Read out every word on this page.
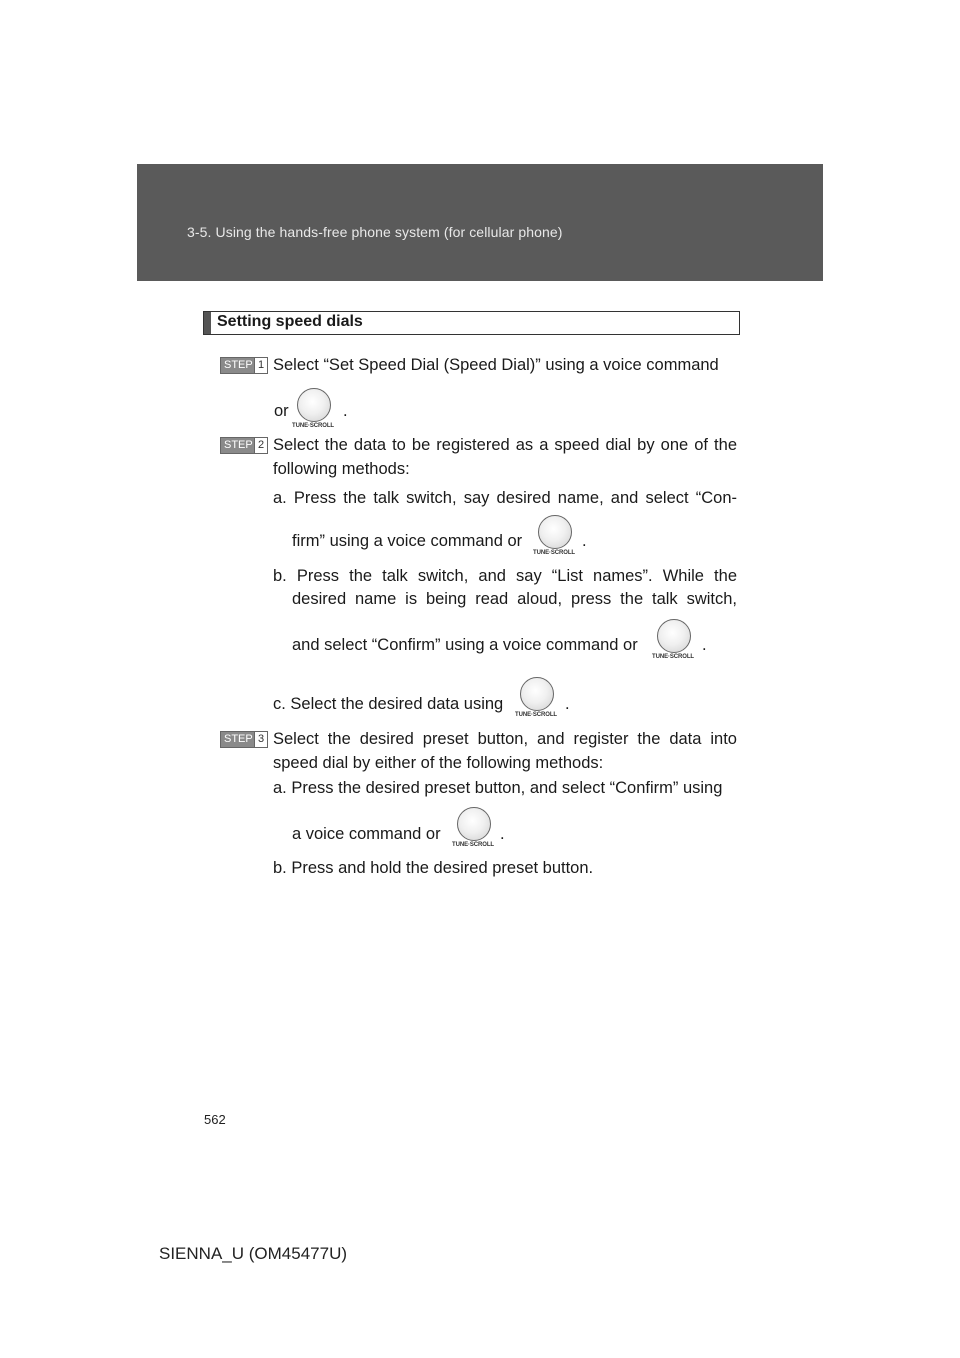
3-5. Using the hands-free phone system (for cellular phone)
Setting speed dials
STEP 1 Select “Set Speed Dial (Speed Dial)” using a voice command
or
TUNE·SCROLL
.
STEP 2 Select the data to be registered as a speed dial by one of the
following methods:
a. Press the talk switch, say desired name, and select “Con-
firm” using a voice command or
TUNE·SCROLL
.
b. Press the talk switch, and say “List names”. While the
desired name is being read aloud, press the talk switch,
and select “Confirm” using a voice command or
TUNE·SCROLL
.
c. Select the desired data using
TUNE·SCROLL
.
STEP 3 Select the desired preset button, and register the data into
speed dial by either of the following methods:
a. Press the desired preset button, and select “Confirm” using
a voice command or
TUNE·SCROLL
.
b. Press and hold the desired preset button.
562
SIENNA_U (OM45477U)
